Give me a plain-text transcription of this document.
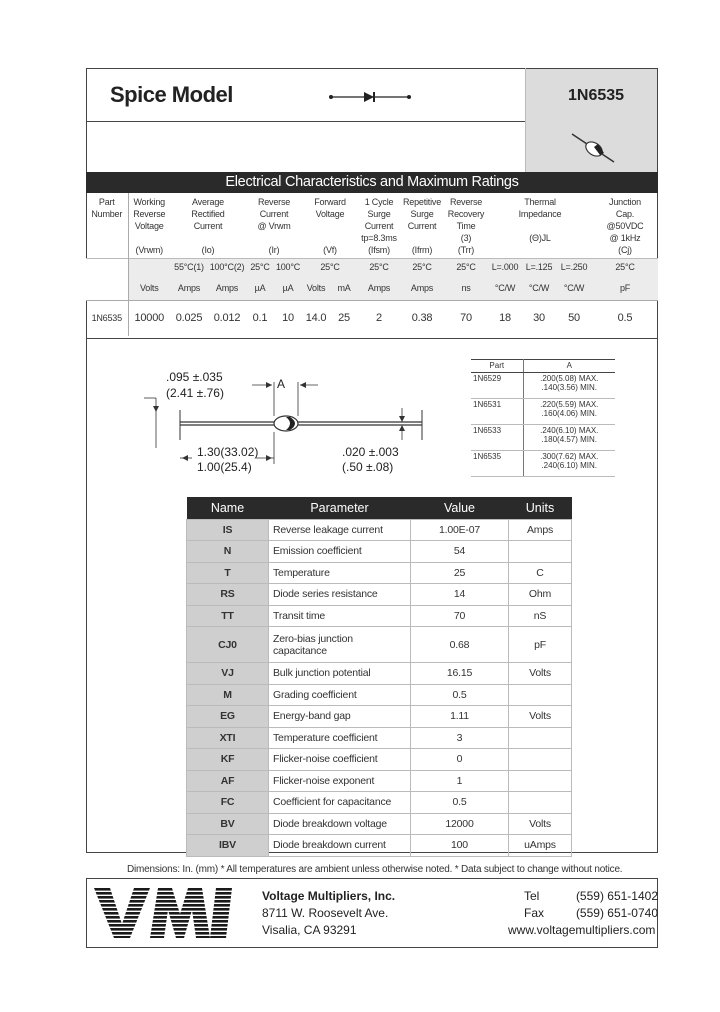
Spice Model	1N6535
Electrical Characteristics and Maximum Ratings
Part
Number	Working
Reverse
Voltage

(Vrwm)	Average
Rectified
Current

(Io)		Reverse
Current
@ Vrwm

(Ir)		Forward
Voltage

(Vf)		1 Cycle
Surge
Current
tp=8.3ms
(Ifsm)	Repetitive
Surge
Current

(Ifrm)	Reverse
Recovery
Time
(3)
(Trr)	Thermal
Impedance

(Θ)JL			Junction
Cap.
@50VDC
@ 1kHz
(Cj)
		55°C(1)	100°C(2)	25°C	100°C	25°C		25°C	25°C	25°C	L=.000	L=.125	L=.250	25°C
	Volts	Amps	Amps	µA	µA	Volts	mA	Amps	Amps	ns	°C/W	°C/W	°C/W	pF
1N6535	10000	0.025	0.012	0.1	10	14.0	25	2	0.38	70	18	30	50	0.5
.095 ±.035
(2.41 ±.76)
A
1.30(33.02)
1.00(25.4)
.020 ±.003
(.50 ±.08)
Part	A
1N6529	.200(5.08) MAX.
.140(3.56) MIN.
1N6531	.220(5.59) MAX.
.160(4.06) MIN.
1N6533	.240(6.10) MAX.
.180(4.57) MIN.
1N6535	.300(7.62) MAX.
.240(6.10) MIN.
Name	Parameter	Value	Units
IS	Reverse leakage current	1.00E-07	Amps
N	Emission coefficient	54	
T	Temperature	25	C
RS	Diode series resistance	14	Ohm
TT	Transit time	70	nS
CJ0	Zero-bias junction
capacitance	0.68	pF
VJ	Bulk junction potential	16.15	Volts
M	Grading coefficient	0.5	
EG	Energy-band gap	1.11	Volts
XTI	Temperature coefficient	3	
KF	Flicker-noise coefficient	0	
AF	Flicker-noise exponent	1	
FC	Coefficient for capacitance	0.5	
BV	Diode breakdown voltage	12000	Volts
IBV	Diode breakdown current	100	uAmps
Dimensions: In. (mm) * All temperatures are ambient unless otherwise noted. * Data subject to change without notice.
Voltage Multipliers, Inc.
8711 W. Roosevelt Ave.
Visalia, CA 93291
Tel	(559) 651-1402
Fax	(559) 651-0740
www.voltagemultipliers.com
